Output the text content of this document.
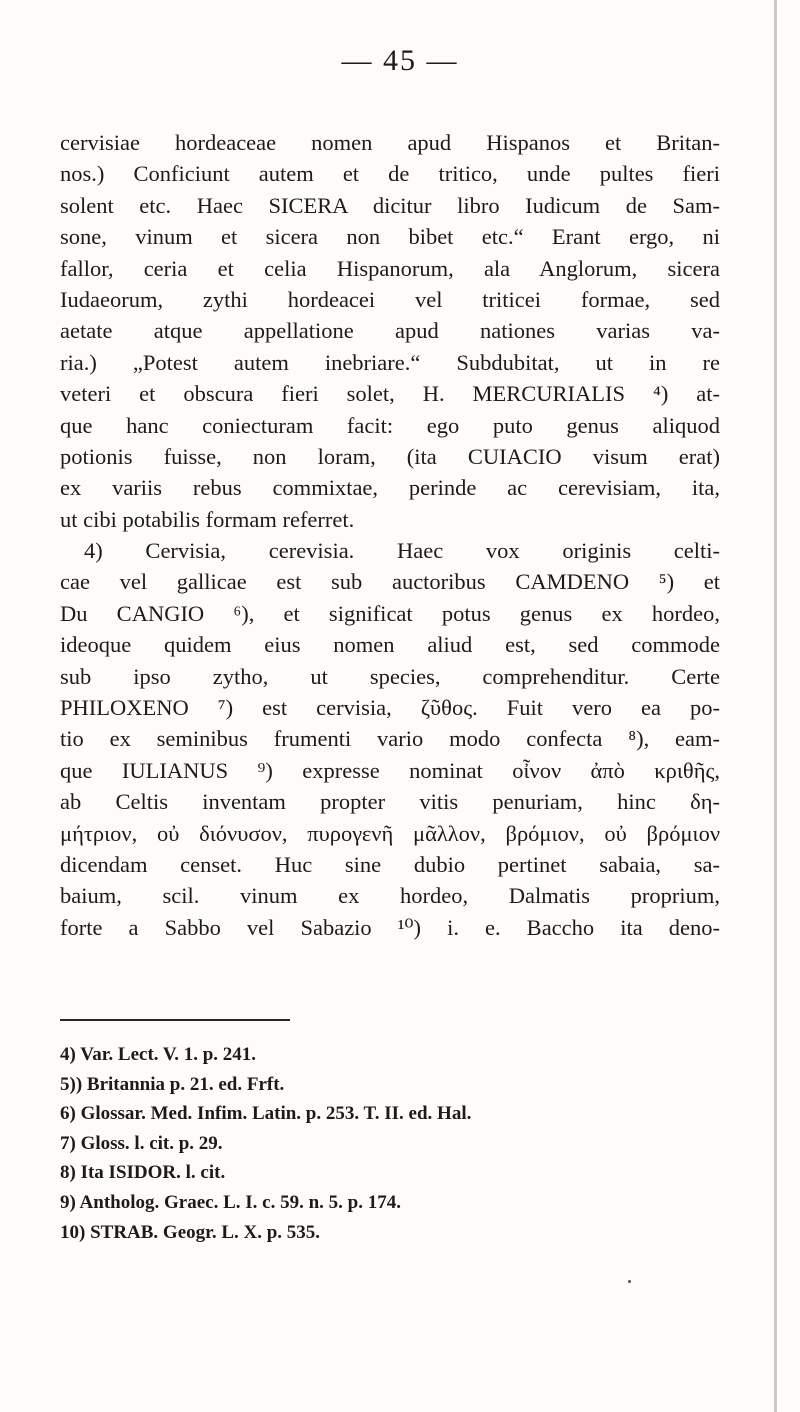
— 45 —
cervisiae hordeaceae nomen apud Hispanos et Britan-
nos.) Conficiunt autem et de tritico, unde pultes fieri
solent etc. Haec SICERA dicitur libro Iudicum de Sam-
sone, vinum et sicera non bibet etc.“ Erant ergo, ni
fallor, ceria et celia Hispanorum, ala Anglorum, sicera
Iudaeorum, zythi hordeacei vel triticei formae, sed
aetate atque appellatione apud nationes varias va-
ria.) „Potest autem inebriare.“ Subdubitat, ut in re
veteri et obscura fieri solet, H. MERCURIALIS ⁴) at-
que hanc coniecturam facit: ego puto genus aliquod
potionis fuisse, non loram, (ita CUIACIO visum erat)
ex variis rebus commixtae, perinde ac cerevisiam, ita,
ut cibi potabilis formam referret.
4) Cervisia, cerevisia. Haec vox originis celti-
cae vel gallicae est sub auctoribus CAMDENO ⁵) et
Du CANGIO ⁶), et significat potus genus ex hordeo,
ideoque quidem eius nomen aliud est, sed commode
sub ipso zytho, ut species, comprehenditur. Certe
PHILOXENO ⁷) est cervisia, ζῦθος. Fuit vero ea po-
tio ex seminibus frumenti vario modo confecta ⁸), eam-
que IULIANUS ⁹) expresse nominat οἶνον ἀπὸ κριθῆς,
ab Celtis inventam propter vitis penuriam, hinc δη-
μήτριον, οὐ διόνυσον, πυρογενῆ μᾶλλον, βρόμιον, οὐ βρόμιον
dicendam censet. Huc sine dubio pertinet sabaia, sa-
baium, scil. vinum ex hordeo, Dalmatis proprium,
forte a Sabbo vel Sabazio ¹⁰) i. e. Baccho ita deno-
4) Var. Lect. V. 1. p. 241.
5)) Britannia p. 21. ed. Frft.
6) Glossar. Med. Infim. Latin. p. 253. T. II. ed. Hal.
7) Gloss. l. cit. p. 29.
8) Ita ISIDOR. l. cit.
9) Antholog. Graec. L. I. c. 59. n. 5. p. 174.
10) STRAB. Geogr. L. X. p. 535.
